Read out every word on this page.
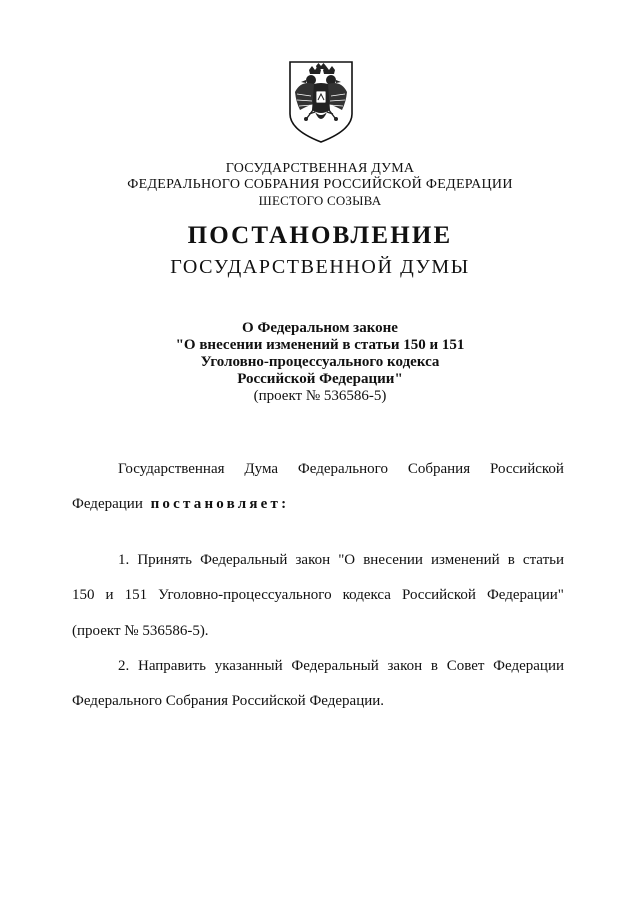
ГОСУДАРСТВЕННАЯ ДУМА
ФЕДЕРАЛЬНОГО СОБРАНИЯ РОССИЙСКОЙ ФЕДЕРАЦИИ
ШЕСТОГО СОЗЫВА
ПОСТАНОВЛЕНИЕ
ГОСУДАРСТВЕННОЙ ДУМЫ
О Федеральном законе
"О внесении изменений в статьи 150 и 151
Уголовно-процессуального кодекса
Российской Федерации"
(проект № 536586-5)
Государственная Дума Федерального Собрания Российской
Федерации постановляет:
1. Принять Федеральный закон "О внесении изменений в статьи
150 и 151 Уголовно-процессуального кодекса Российской Федерации"
(проект № 536586-5).
2. Направить указанный Федеральный закон в Совет Федерации
Федерального Собрания Российской Федерации.
